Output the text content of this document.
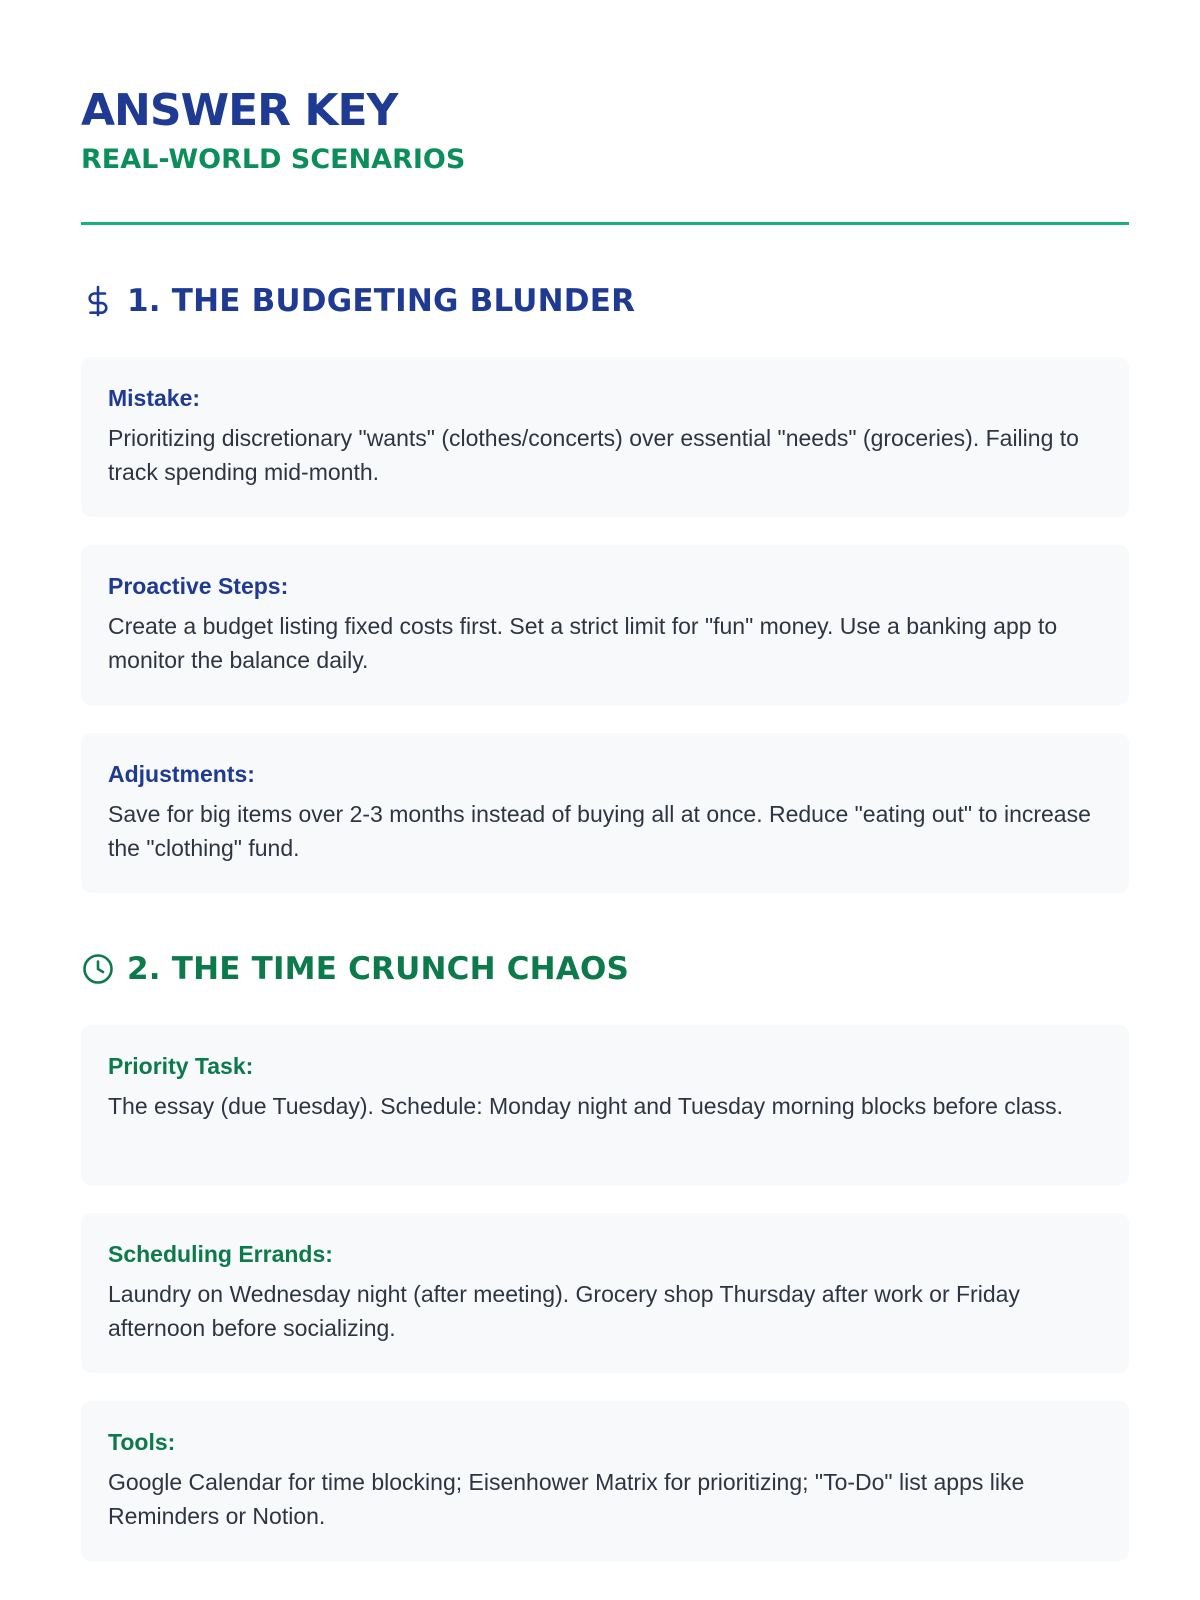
ANSWER KEY
REAL-WORLD SCENARIOS
1. THE BUDGETING BLUNDER
Mistake:

Prioritizing discretionary "wants" (clothes/concerts) over essential "needs" (groceries). Failing to track spending mid-month.

Proactive Steps:

Create a budget listing fixed costs first. Set a strict limit for "fun" money. Use a banking app to monitor the balance daily.

Adjustments:

Save for big items over 2-3 months instead of buying all at once. Reduce "eating out" to increase the "clothing" fund.

2. THE TIME CRUNCH CHAOS
Priority Task:

The essay (due Tuesday). Schedule: Monday night and Tuesday morning blocks before class.

Scheduling Errands:

Laundry on Wednesday night (after meeting). Grocery shop Thursday after work or Friday afternoon before socializing.

Tools:

Google Calendar for time blocking; Eisenhower Matrix for prioritizing; "To-Do" list apps like Reminders or Notion.
